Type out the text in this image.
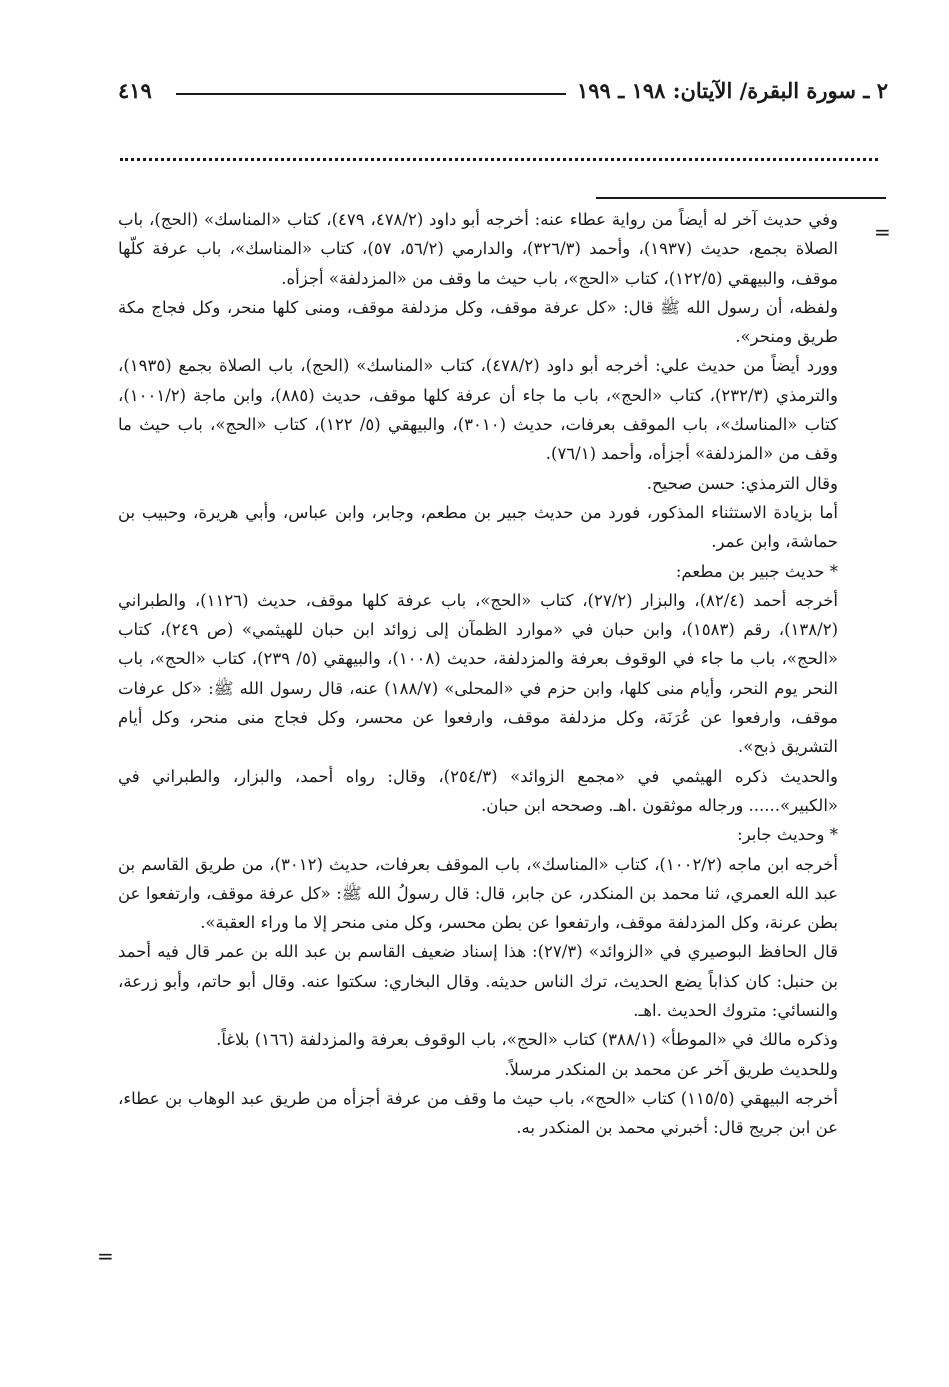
٢ ـ سورة البقرة/ الآيتان: ١٩٨ ـ ١٩٩
٤١٩
=
=

وفي حديث آخر له أيضاً من رواية عطاء عنه: أخرجه أبو داود (٤٧٨/٢، ٤٧٩)، كتاب «المناسك» (الحج)، باب الصلاة بجمع، حديث (١٩٣٧)، وأحمد (٣٢٦/٣)، والدارمي (٥٦/٢، ٥٧)، كتاب «المناسك»، باب عرفة كلّها موقف، والبيهقي (١٢٢/٥)، كتاب «الحج»، باب حيث ما وقف من «المزدلفة» أجزأه.

ولفظه، أن رسول الله ﷺ قال: «كل عرفة موقف، وكل مزدلفة موقف، ومنى كلها منحر، وكل فجاج مكة طريق ومنحر».

وورد أيضاً من حديث علي: أخرجه أبو داود (٤٧٨/٢)، كتاب «المناسك» (الحج)، باب الصلاة بجمع (١٩٣٥)، والترمذي (٢٣٢/٣)، كتاب «الحج»، باب ما جاء أن عرفة كلها موقف، حديث (٨٨٥)، وابن ماجة (١٠٠١/٢)، كتاب «المناسك»، باب الموقف بعرفات، حديث (٣٠١٠)، والبيهقي (٥/ ١٢٢)، كتاب «الحج»، باب حيث ما وقف من «المزدلفة» أجزأه، وأحمد (٧٦/١).

وقال الترمذي: حسن صحيح.

أما بزيادة الاستثناء المذكور، فورد من حديث جبير بن مطعم، وجابر، وابن عباس، وأبي هريرة، وحبيب بن حماشة، وابن عمر.

* حديث جبير بن مطعم:

أخرجه أحمد (٨٢/٤)، والبزار (٢٧/٢)، كتاب «الحج»، باب عرفة كلها موقف، حديث (١١٢٦)، والطبراني (١٣٨/٢)، رقم (١٥٨٣)، وابن حبان في «موارد الظمآن إلى زوائد ابن حبان للهيثمي» (ص ٢٤٩)، كتاب «الحج»، باب ما جاء في الوقوف بعرفة والمزدلفة، حديث (١٠٠٨)، والبيهقي (٥/ ٢٣٩)، كتاب «الحج»، باب النحر يوم النحر، وأيام منى كلها، وابن حزم في «المحلى» (١٨٨/٧) عنه، قال رسول الله ﷺ: «كل عرفات موقف، وارفعوا عن عُرَنَة، وكل مزدلفة موقف، وارفعوا عن محسر، وكل فجاج منى منحر، وكل أيام التشريق ذبح».

والحديث ذكره الهيثمي في «مجمع الزوائد» (٢٥٤/٣)، وقال: رواه أحمد، والبزار، والطبراني في «الكبير»...... ورجاله موثقون .اهـ. وصححه ابن حبان.

* وحديث جابر:

أخرجه ابن ماجه (١٠٠٢/٢)، كتاب «المناسك»، باب الموقف بعرفات، حديث (٣٠١٢)، من طريق القاسم بن عبد الله العمري، ثنا محمد بن المنكدر، عن جابر، قال: قال رسولُ الله ﷺ: «كل عرفة موقف، وارتفعوا عن بطن عرنة، وكل المزدلفة موقف، وارتفعوا عن بطن محسر، وكل منى منحر إلا ما وراء العقبة».

قال الحافظ البوصيري في «الزوائد» (٢٧/٣): هذا إسناد ضعيف القاسم بن عبد الله بن عمر قال فيه أحمد بن حنبل: كان كذاباً يضع الحديث، ترك الناس حديثه. وقال البخاري: سكتوا عنه. وقال أبو حاتم، وأبو زرعة، والنسائي: متروك الحديث .اهـ.

وذكره مالك في «الموطأ» (٣٨٨/١) كتاب «الحج»، باب الوقوف بعرفة والمزدلفة (١٦٦) بلاغاً.

وللحديث طريق آخر عن محمد بن المنكدر مرسلاً.

أخرجه البيهقي (١١٥/٥) كتاب «الحج»، باب حيث ما وقف من عرفة أجزأه من طريق عبد الوهاب بن عطاء، عن ابن جريج قال: أخبرني محمد بن المنكدر به.
